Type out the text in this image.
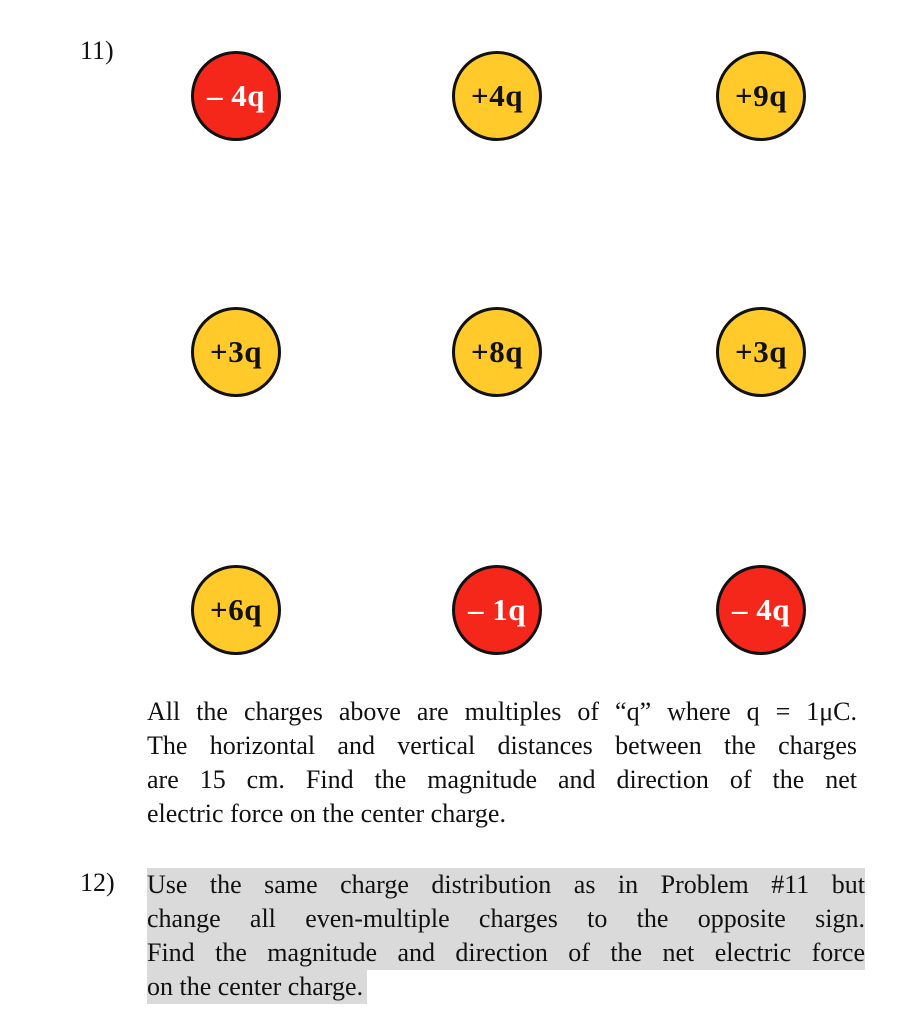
11)
– 4q	+4q	+9q
+3q	+8q	+3q
+6q	– 1q	– 4q
All the charges above are multiples of “q” where q = 1μC.
The horizontal and vertical distances between the charges
are 15 cm. Find the magnitude and direction of the net
electric force on the center charge.
12) Use the same charge distribution as in Problem #11 but
change all even-multiple charges to the opposite sign.
Find the magnitude and direction of the net electric force
on the center charge.
